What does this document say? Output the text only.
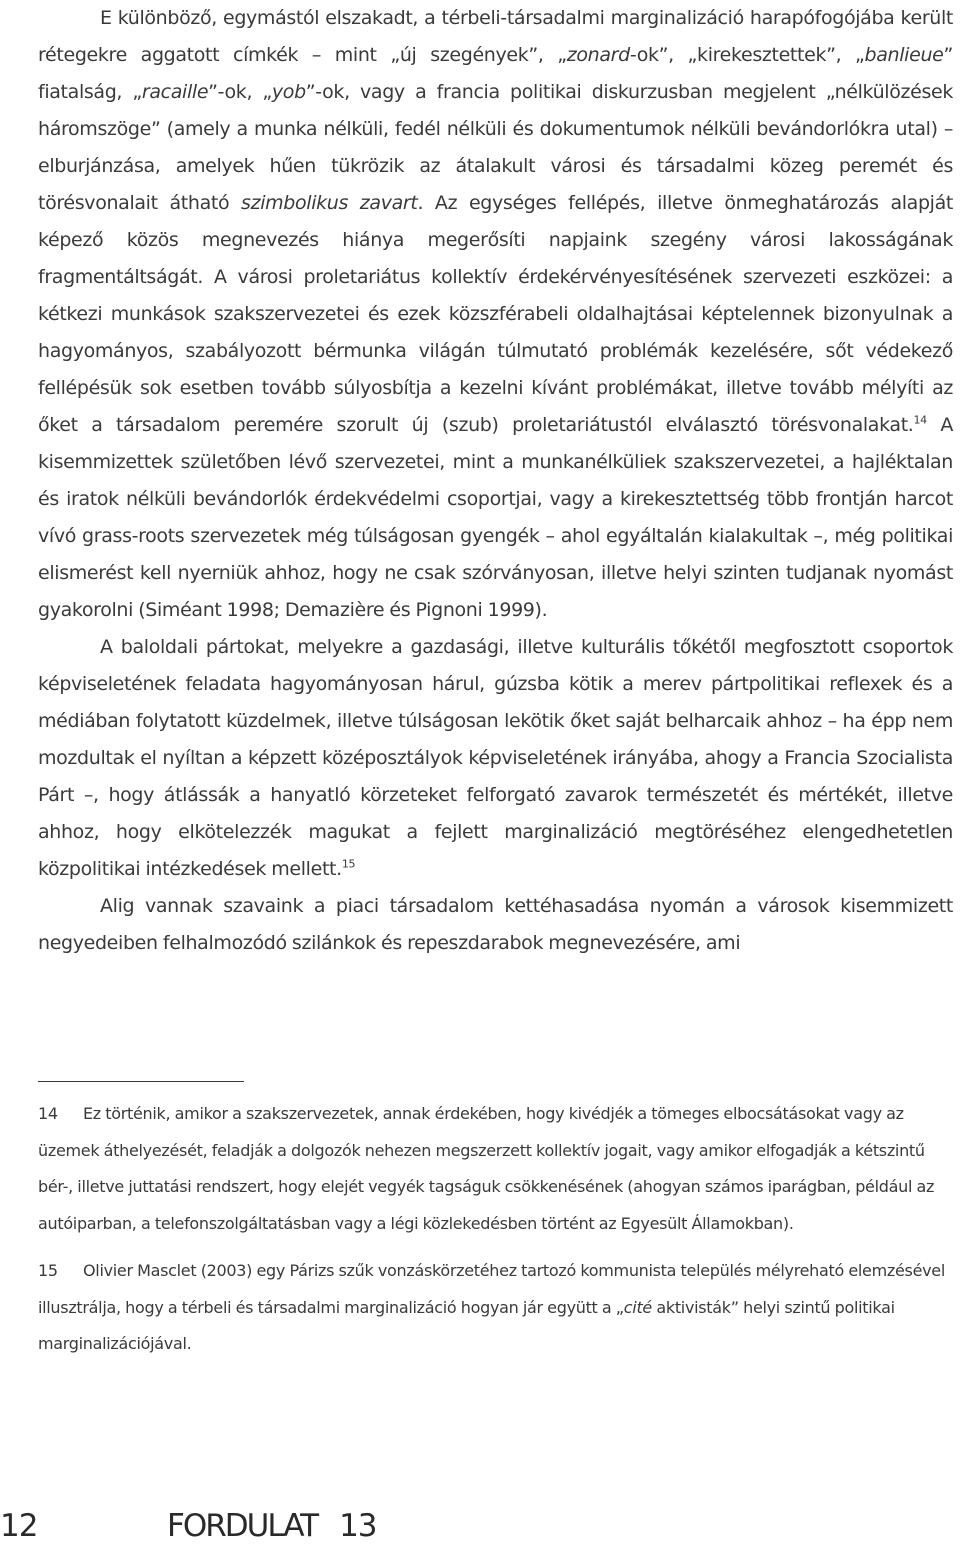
E különböző, egymástól elszakadt, a térbeli-társadalmi marginalizáció harapófogójába került rétegekre aggatott címkék – mint „új szegények”, „zonard-ok”, „kirekesztettek”, „banlieue” fiatalság, „racaille”-ok, „yob”-ok, vagy a francia politikai diskurzusban megjelent „nélkülözések háromszöge” (amely a munka nélküli, fedél nélküli és dokumentumok nélküli bevándorlókra utal) – elburjánzása, amelyek hűen tükrözik az átalakult városi és társadalmi közeg peremét és törésvonalait átható szimbolikus zavart. Az egységes fellépés, illetve önmeghatározás alapját képező közös megnevezés hiánya megerősíti napjaink szegény városi lakosságának fragmentáltságát. A városi proletariátus kollektív érdekérvényesítésének szervezeti eszközei: a kétkezi munkások szakszervezetei és ezek közszférabeli oldalhajtásai képtelennek bizonyulnak a hagyományos, szabályozott bérmunka világán túlmutató problémák kezelésére, sőt védekező fellépésük sok esetben tovább súlyosbítja a kezelni kívánt problémákat, illetve tovább mélyíti az őket a társadalom peremére szorult új (szub) proletariátustól elválasztó törésvonalakat.$^{14}$ A kisemmizettek születőben lévő szervezetei, mint a munkanélküliek szakszervezetei, a hajléktalan és iratok nélküli bevándorlók érdekvédelmi csoportjai, vagy a kirekesztettség több frontján harcot vívó grass-roots szervezetek még túlságosan gyengék – ahol egyáltalán kialakultak –, még politikai elismerést kell nyerniük ahhoz, hogy ne csak szórványosan, illetve helyi szinten tudjanak nyomást gyakorolni (Siméant 1998; Demazière és Pignoni 1999).

A baloldali pártokat, melyekre a gazdasági, illetve kulturális tőkétől megfosztott csoportok képviseletének feladata hagyományosan hárul, gúzsba kötik a merev pártpolitikai reflexek és a médiában folytatott küzdelmek, illetve túlságosan lekötik őket saját belharcaik ahhoz – ha épp nem mozdultak el nyíltan a képzett középosztályok képviseletének irányába, ahogy a Francia Szocialista Párt –, hogy átlássák a hanyatló körzeteket felforgató zavarok természetét és mértékét, illetve ahhoz, hogy elkötelezzék magukat a fejlett marginalizáció megtöréséhez elengedhetetlen közpolitikai intézkedések mellett.$^{15}$

Alig vannak szavaink a piaci társadalom kettéhasadása nyomán a városok kisemmizett negyedeiben felhalmozódó szilánkok és repeszdarabok megnevezésére, ami

14 Ez történik, amikor a szakszervezetek, annak érdekében, hogy kivédjék a tömeges elbocsátásokat vagy az üzemek áthelyezését, feladják a dolgozók nehezen megszerzett kollektív jogait, vagy amikor elfogadják a kétszintű bér-, illetve juttatási rendszert, hogy elejét vegyék tagságuk csökkenésének (ahogyan számos iparágban, például az autóiparban, a telefonszolgáltatásban vagy a légi közlekedésben történt az Egyesült Államokban).

15 Olivier Masclet (2003) egy Párizs szűk vonzáskörzetéhez tartozó kommunista település mélyreható elemzésével illusztrálja, hogy a térbeli és társadalmi marginalizáció hogyan jár együtt a „cité aktivisták” helyi szintű politikai marginalizációjával.

12	FORDULAT 13
